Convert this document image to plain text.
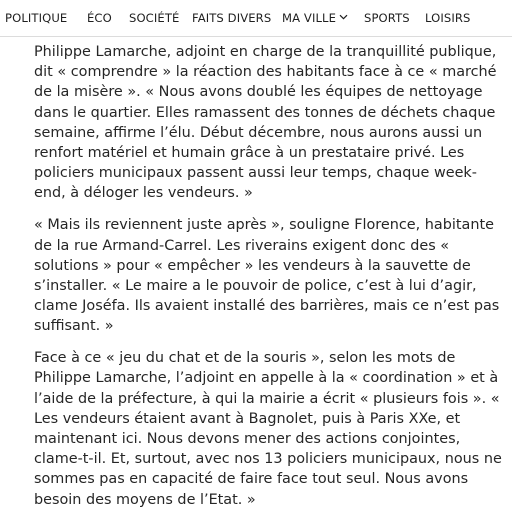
POLITIQUE ÉCO SOCIÉTÉ FAITS DIVERS MA VILLE	SPORTS LOISIRS

Philippe Lamarche, adjoint en charge de la tranquillité publique, dit « comprendre » la réaction des habitants face à ce « marché de la misère ». « Nous avons doublé les équipes de nettoyage dans le quartier. Elles ramassent des tonnes de déchets chaque semaine, affirme l’élu. Début décembre, nous aurons aussi un renfort matériel et humain grâce à un prestataire privé. Les policiers municipaux passent aussi leur temps, chaque week-end, à déloger les vendeurs. »

« Mais ils reviennent juste après », souligne Florence, habitante de la rue Armand-Carrel. Les riverains exigent donc des « solutions » pour « empêcher » les vendeurs à la sauvette de s’installer. « Le maire a le pouvoir de police, c’est à lui d’agir, clame Joséfa. Ils avaient installé des barrières, mais ce n’est pas suffisant. »

Face à ce « jeu du chat et de la souris », selon les mots de Philippe Lamarche, l’adjoint en appelle à la « coordination » et à l’aide de la préfecture, à qui la mairie a écrit « plusieurs fois ». « Les vendeurs étaient avant à Bagnolet, puis à Paris XXe, et maintenant ici. Nous devons mener des actions conjointes, clame-t-il. Et, surtout, avec nos 13 policiers municipaux, nous ne sommes pas en capacité de faire face tout seul. Nous avons besoin des moyens de l’Etat. »
